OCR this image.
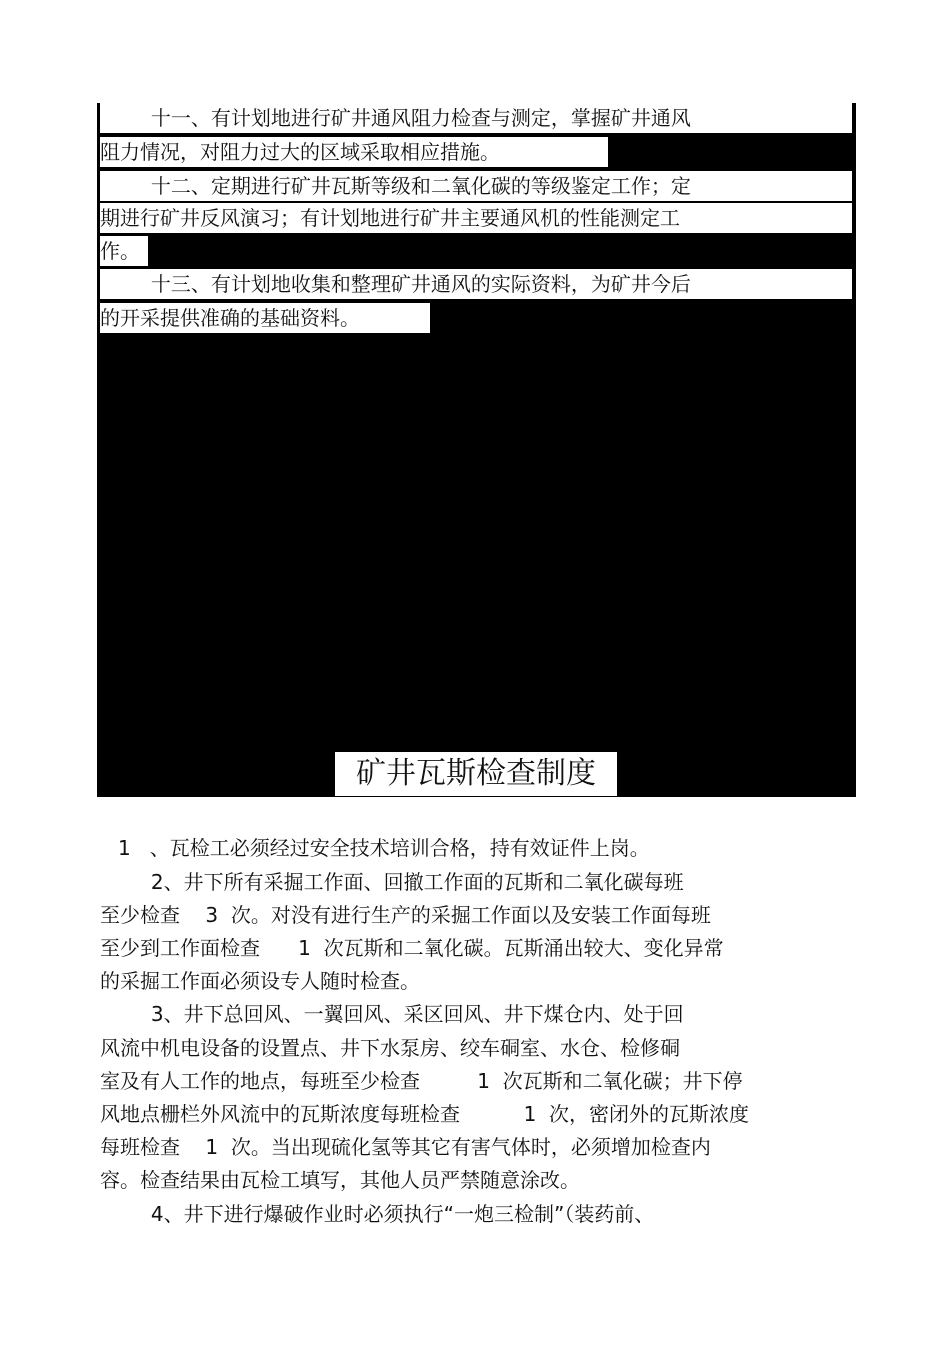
十一、有计划地进行矿井通风阻力检查与测定，掌握矿井通风

阻力情况，对阻力过大的区域采取相应措施。

十二、定期进行矿井瓦斯等级和二氧化碳的等级鉴定工作；定

期进行矿井反风演习；有计划地进行矿井主要通风机的性能测定工

作。

十三、有计划地收集和整理矿井通风的实际资料，为矿井今后

的开采提供准确的基础资料。

矿井瓦斯检查制度

1   、瓦检工必须经过安全技术培训合格，持有效证件上岗。

2、井下所有采掘工作面、回撤工作面的瓦斯和二氧化碳每班

至少检查    3  次。对没有进行生产的采掘工作面以及安装工作面每班

至少到工作面检查      1  次瓦斯和二氧化碳。瓦斯涌出较大、变化异常

的采掘工作面必须设专人随时检查。

3、井下总回风、一翼回风、采区回风、井下煤仓内、处于回

风流中机电设备的设置点、井下水泵房、绞车硐室、水仓、检修硐

室及有人工作的地点，每班至少检查         1  次瓦斯和二氧化碳；井下停

风地点栅栏外风流中的瓦斯浓度每班检查          1  次，密闭外的瓦斯浓度

每班检查    1  次。当出现硫化氢等其它有害气体时，必须增加检查内

容。检查结果由瓦检工填写，其他人员严禁随意涂改。

4、井下进行爆破作业时必须执行“一炮三检制”（装药前、
